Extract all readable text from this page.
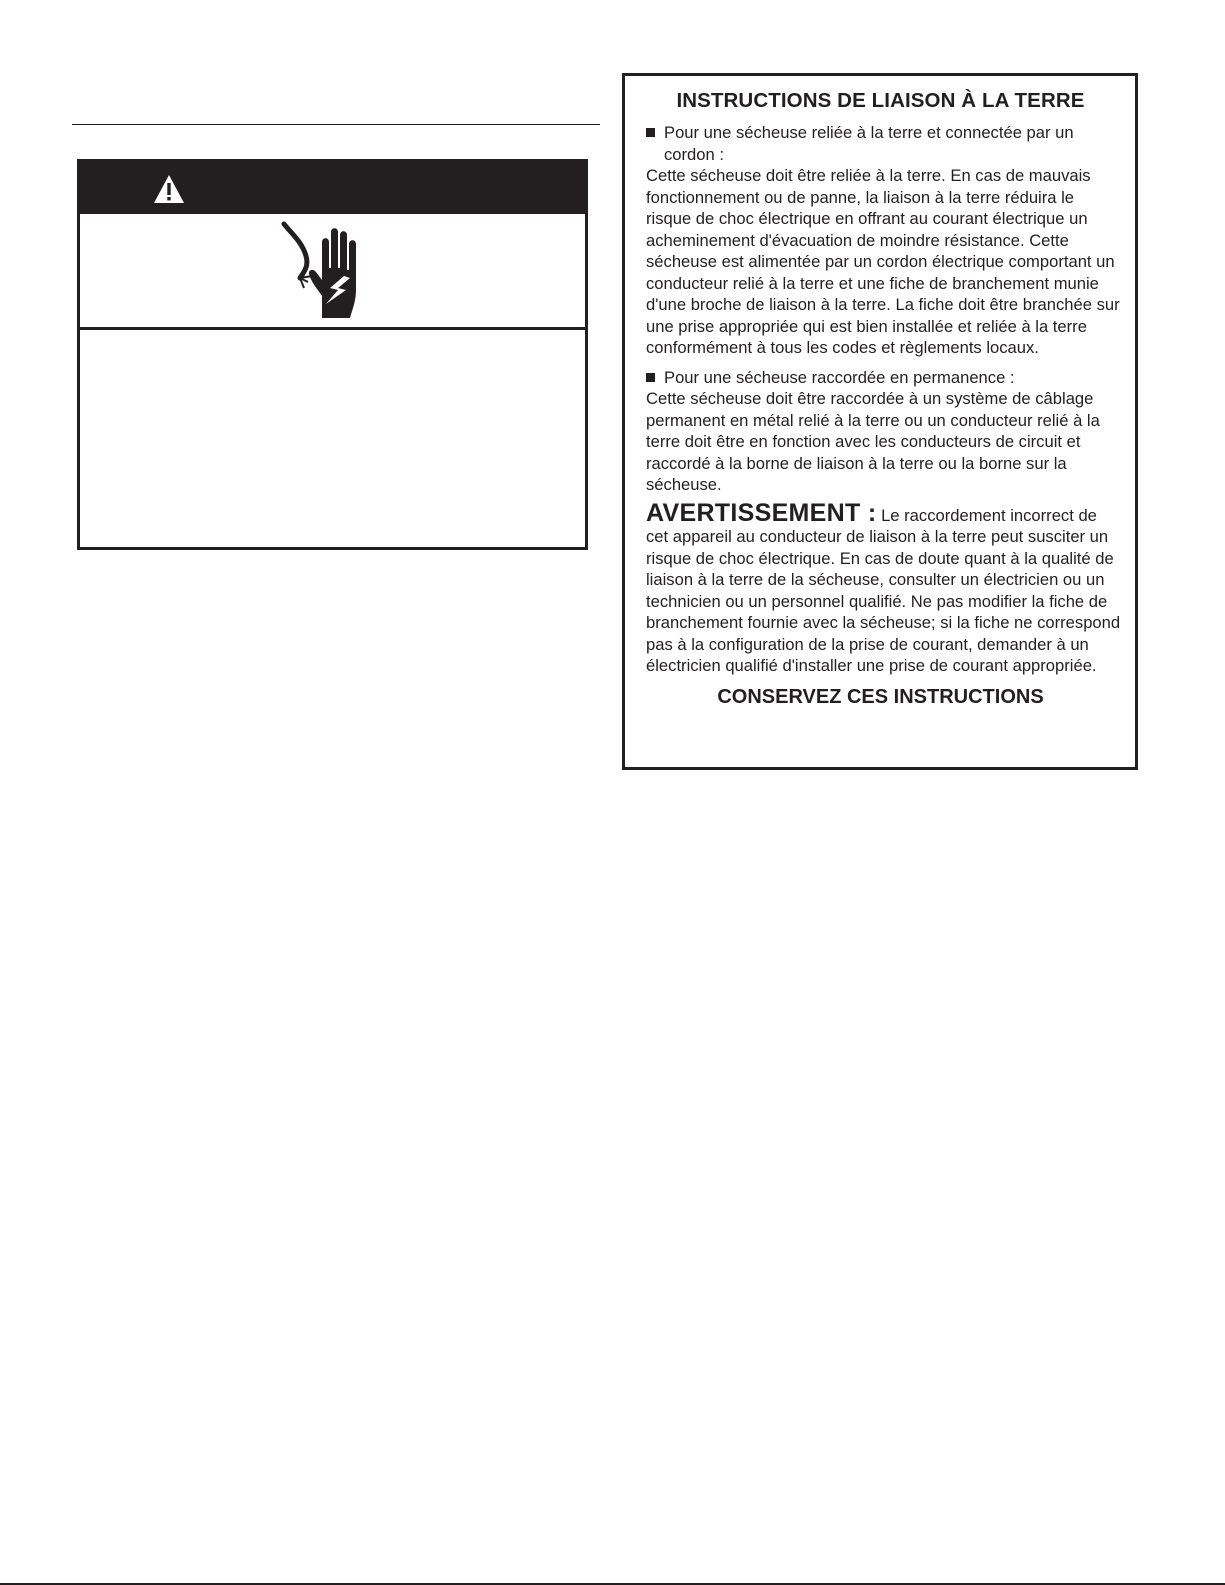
INSTRUCTIONS DE LIAISON À LA TERRE
Pour une sécheuse reliée à la terre et connectée par un cordon :

Cette sécheuse doit être reliée à la terre. En cas de mauvais fonctionnement ou de panne, la liaison à la terre réduira le risque de choc électrique en offrant au courant électrique un acheminement d'évacuation de moindre résistance. Cette sécheuse est alimentée par un cordon électrique comportant un conducteur relié à la terre et une fiche de branchement munie d'une broche de liaison à la terre. La fiche doit être branchée sur une prise appropriée qui est bien installée et reliée à la terre conformément à tous les codes et règlements locaux.

Pour une sécheuse raccordée en permanence :

Cette sécheuse doit être raccordée à un système de câblage permanent en métal relié à la terre ou un conducteur relié à la terre doit être en fonction avec les conducteurs de circuit et raccordé à la borne de liaison à la terre ou la borne sur la sécheuse.

AVERTISSEMENT : Le raccordement incorrect de cet appareil au conducteur de liaison à la terre peut susciter un risque de choc électrique. En cas de doute quant à la qualité de liaison à la terre de la sécheuse, consulter un électricien ou un technicien ou un personnel qualifié. Ne pas modifier la fiche de branchement fournie avec la sécheuse; si la fiche ne correspond pas à la configuration de la prise de courant, demander à un électricien qualifié d'installer une prise de courant appropriée.

CONSERVEZ CES INSTRUCTIONS
